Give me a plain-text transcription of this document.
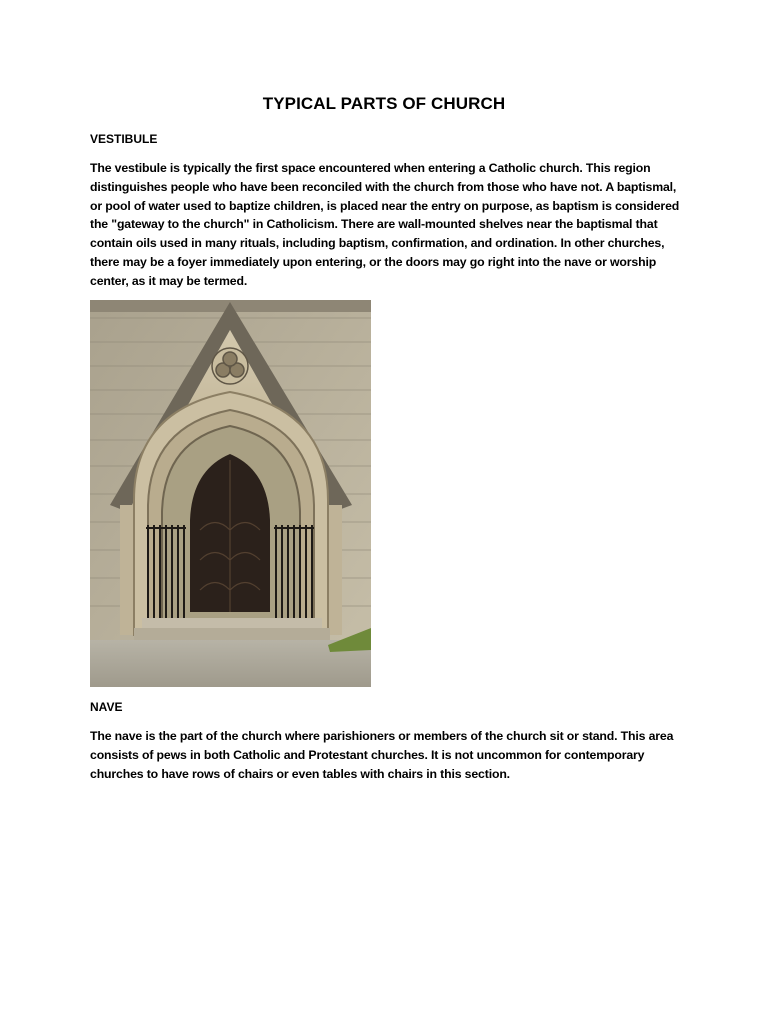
TYPICAL PARTS OF CHURCH
VESTIBULE
The vestibule is typically the first space encountered when entering a Catholic church. This region distinguishes people who have been reconciled with the church from those who have not. A baptismal, or pool of water used to baptize children, is placed near the entry on purpose, as baptism is considered the "gateway to the church" in Catholicism. There are wall-mounted shelves near the baptismal that contain oils used in many rituals, including baptism, confirmation, and ordination. In other churches, there may be a foyer immediately upon entering, or the doors may go right into the nave or worship center, as it may be termed.
NAVE
The nave is the part of the church where parishioners or members of the church sit or stand. This area consists of pews in both Catholic and Protestant churches. It is not uncommon for contemporary churches to have rows of chairs or even tables with chairs in this section.
